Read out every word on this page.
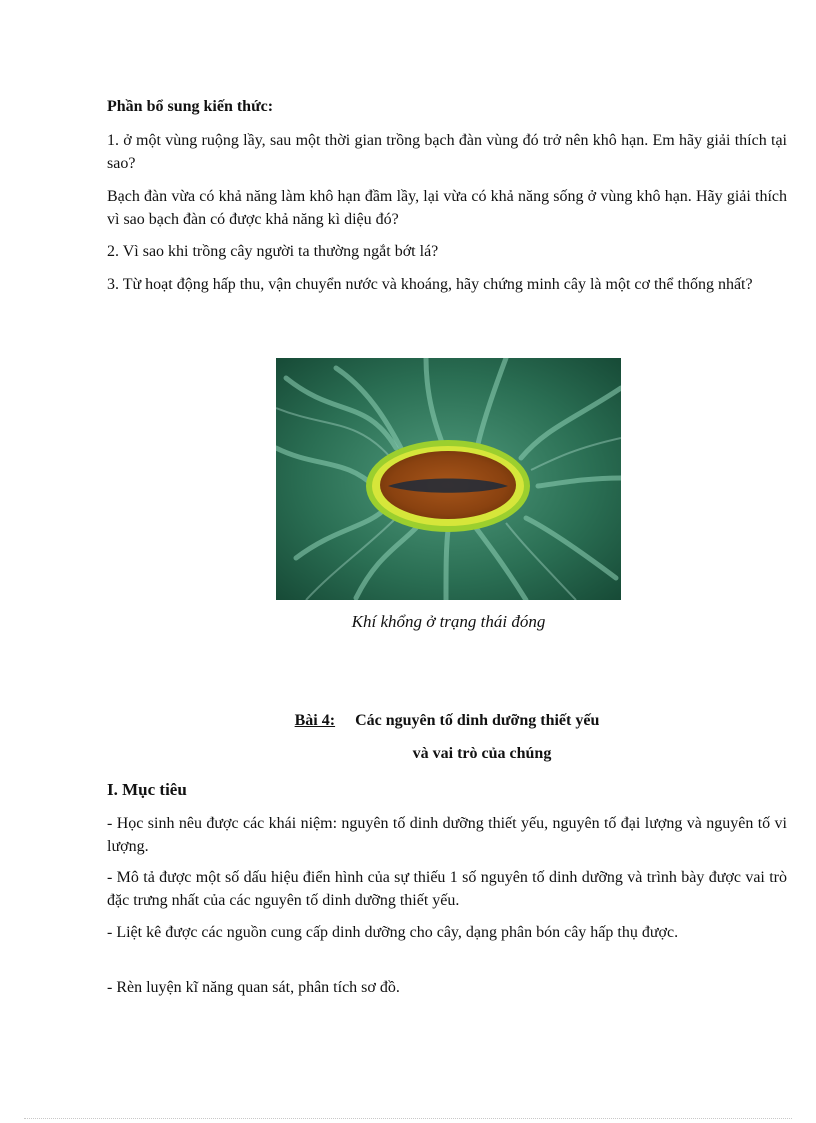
Phần bổ sung kiến thức:
1. ở một vùng ruộng lầy, sau một thời gian trồng bạch đàn vùng đó trở nên khô hạn. Em hãy giải thích tại sao?
Bạch đàn vừa có khả năng làm khô hạn đầm lầy, lại vừa có khả năng sống ở vùng khô hạn. Hãy giải thích vì sao bạch đàn có được khả năng kì diệu đó?
2. Vì sao khi trồng cây người ta thường ngắt bớt lá?
3. Từ hoạt động hấp thu, vận chuyển nước và khoáng, hãy chứng minh cây là một cơ thể thống nhất?
Khí khổng ở trạng thái đóng
Bài 4: Các nguyên tố dinh dưỡng thiết yếu
và vai trò của chúng
I. Mục tiêu
- Học sinh nêu được các khái niệm: nguyên tố dinh dưỡng thiết yếu, nguyên tố đại lượng và nguyên tố vi lượng.
- Mô tả được một số dấu hiệu điển hình của sự thiếu 1 số nguyên tố dinh dưỡng và trình bày được vai trò đặc trưng nhất của các nguyên tố dinh dưỡng thiết yếu.
- Liệt kê được các nguồn cung cấp dinh dưỡng cho cây, dạng phân bón cây hấp thụ được.
- Rèn luyện kĩ năng quan sát, phân tích sơ đồ.
